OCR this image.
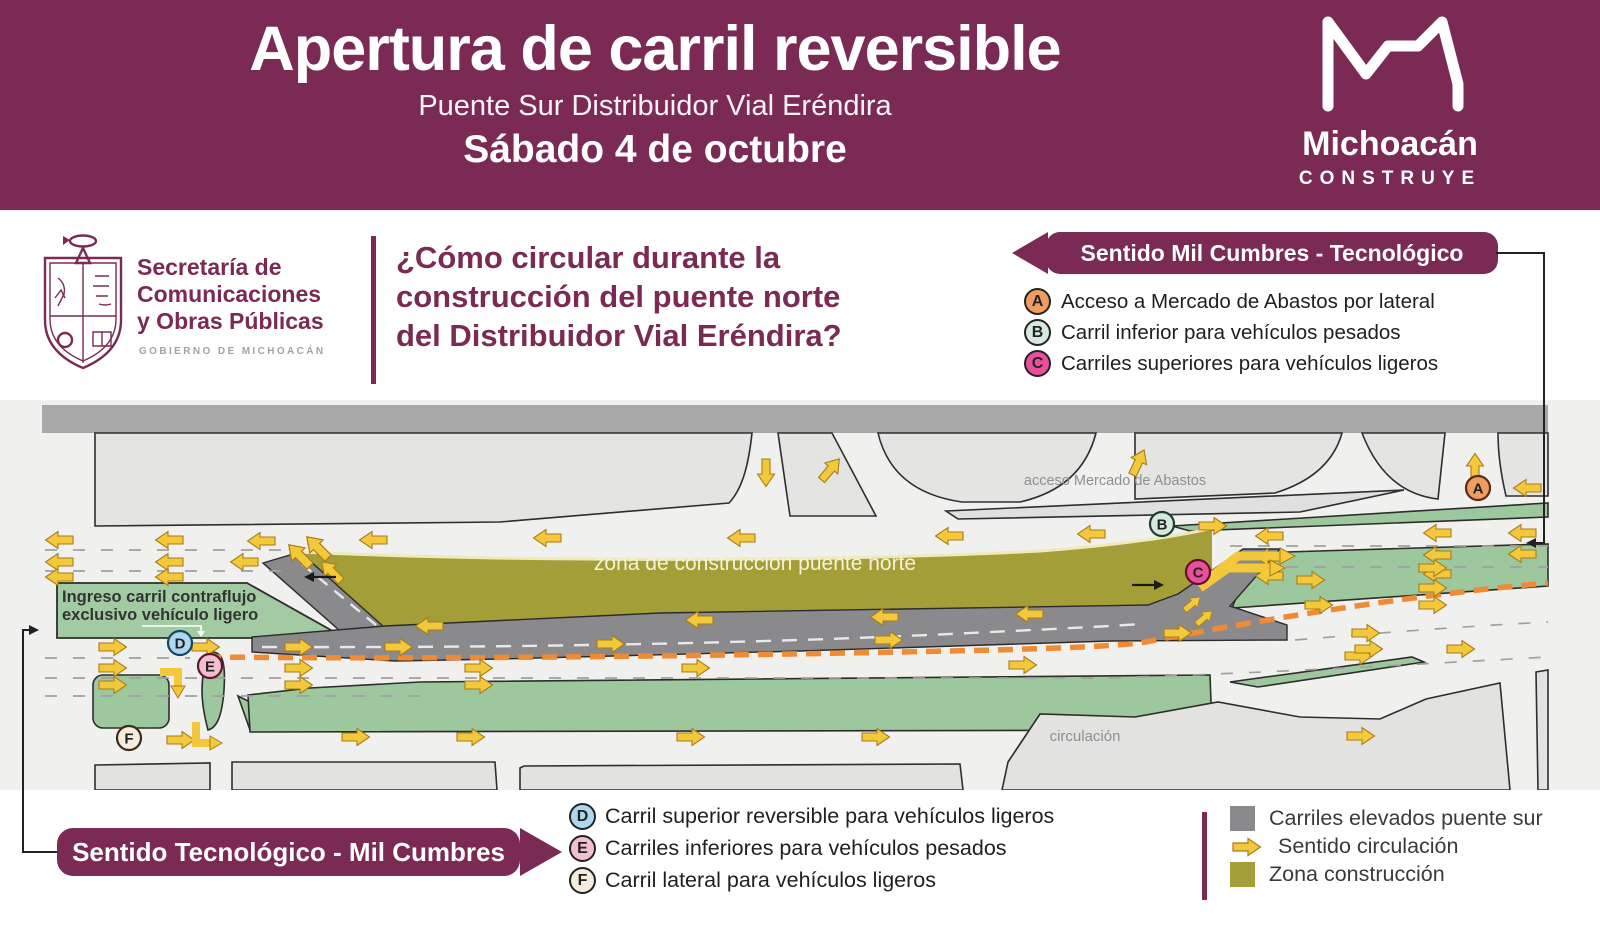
Apertura de carril reversible
Puente Sur Distribuidor Vial Eréndira
Sábado 4 de octubre	Michoacán
CONSTRUYE
Secretaría de
Comunicaciones
y Obras Públicas
GOBIERNO DE MICHOACÁN
¿Cómo circular durante la
construcción del puente norte
del Distribuidor Vial Eréndira?
Sentido Mil Cumbres - Tecnológico
A Acceso a Mercado de Abastos por lateral
B Carril inferior para vehículos pesados
C Carriles superiores para vehículos ligeros
acceso Mercado de Abastos
Ingreso carril contraflujo
exclusivo vehículo ligero
zona de construcción puente norte
circulación
A
B
C
D
E
F
Sentido Tecnológico - Mil Cumbres
D Carril superior reversible para vehículos ligeros
E Carriles inferiores para vehículos pesados
F Carril lateral para vehículos ligeros
Carriles elevados puente sur
Sentido circulación
Zona construcción
